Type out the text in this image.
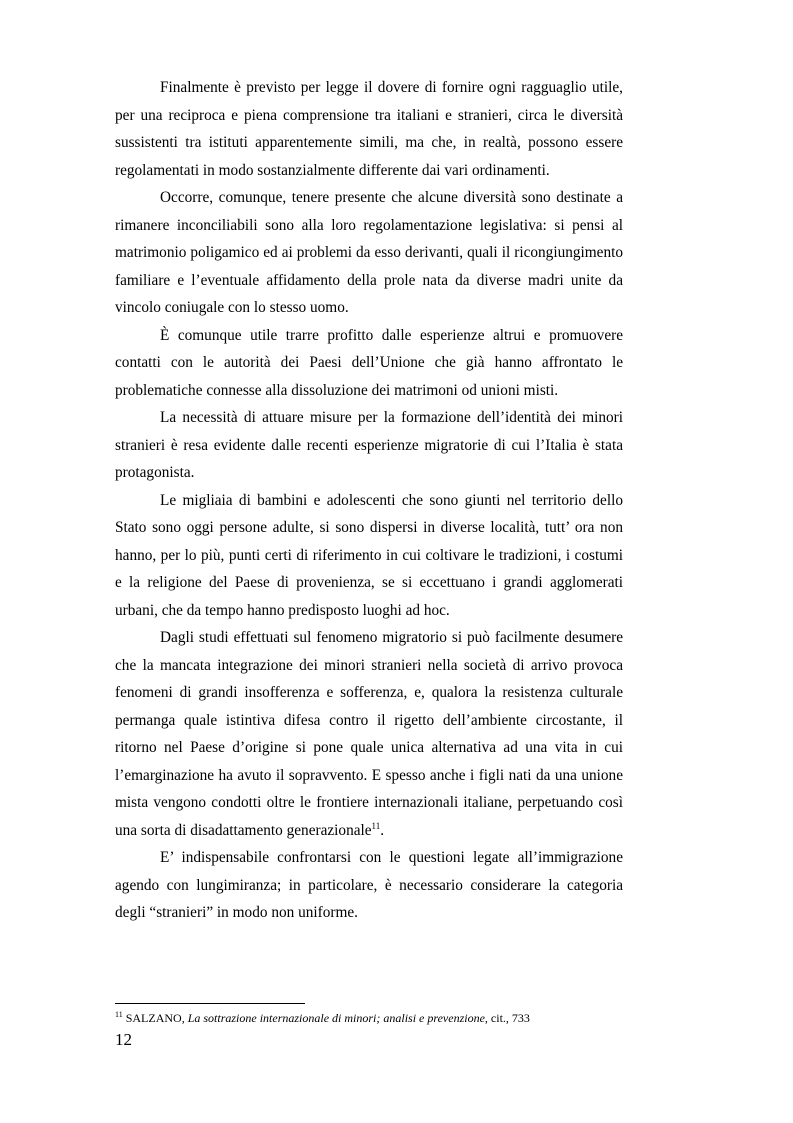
Finalmente è previsto per legge il dovere di fornire ogni ragguaglio utile, per una reciproca e piena comprensione tra italiani e stranieri, circa le diversità sussistenti tra istituti apparentemente simili, ma che, in realtà, possono essere regolamentati in modo sostanzialmente differente dai vari ordinamenti.

Occorre, comunque, tenere presente che alcune diversità sono destinate a rimanere inconciliabili sono alla loro regolamentazione legislativa: si pensi al matrimonio poligamico ed ai problemi da esso derivanti, quali il ricongiungimento familiare e l’eventuale affidamento della prole nata da diverse madri unite da vincolo coniugale con lo stesso uomo.

È comunque utile trarre profitto dalle esperienze altrui e promuovere contatti con le autorità dei Paesi dell’Unione che già hanno affrontato le problematiche connesse alla dissoluzione dei matrimoni od unioni misti.

La necessità di attuare misure per la formazione dell’identità dei minori stranieri è resa evidente dalle recenti esperienze migratorie di cui l’Italia è stata protagonista.

Le migliaia di bambini e adolescenti che sono giunti nel territorio dello Stato sono oggi persone adulte, si sono dispersi in diverse località, tutt’ ora non hanno, per lo più, punti certi di riferimento in cui coltivare le tradizioni, i costumi e la religione del Paese di provenienza, se si eccettuano i grandi agglomerati urbani, che da tempo hanno predisposto luoghi ad hoc.

Dagli studi effettuati sul fenomeno migratorio si può facilmente desumere che la mancata integrazione dei minori stranieri nella società di arrivo provoca fenomeni di grandi insofferenza e sofferenza, e, qualora la resistenza culturale permanga quale istintiva difesa contro il rigetto dell’ambiente circostante, il ritorno nel Paese d’origine si pone quale unica alternativa ad una vita in cui l’emarginazione ha avuto il sopravvento. E spesso anche i figli nati da una unione mista vengono condotti oltre le frontiere internazionali italiane, perpetuando così una sorta di disadattamento generazionale$^{11}$.

E’ indispensabile confrontarsi con le questioni legate all’immigrazione agendo con lungimiranza; in particolare, è necessario considerare la categoria degli “stranieri” in modo non uniforme.

$^{11}$ SALZANO, La sottrazione internazionale di minori; analisi e prevenzione, cit., 733
12
